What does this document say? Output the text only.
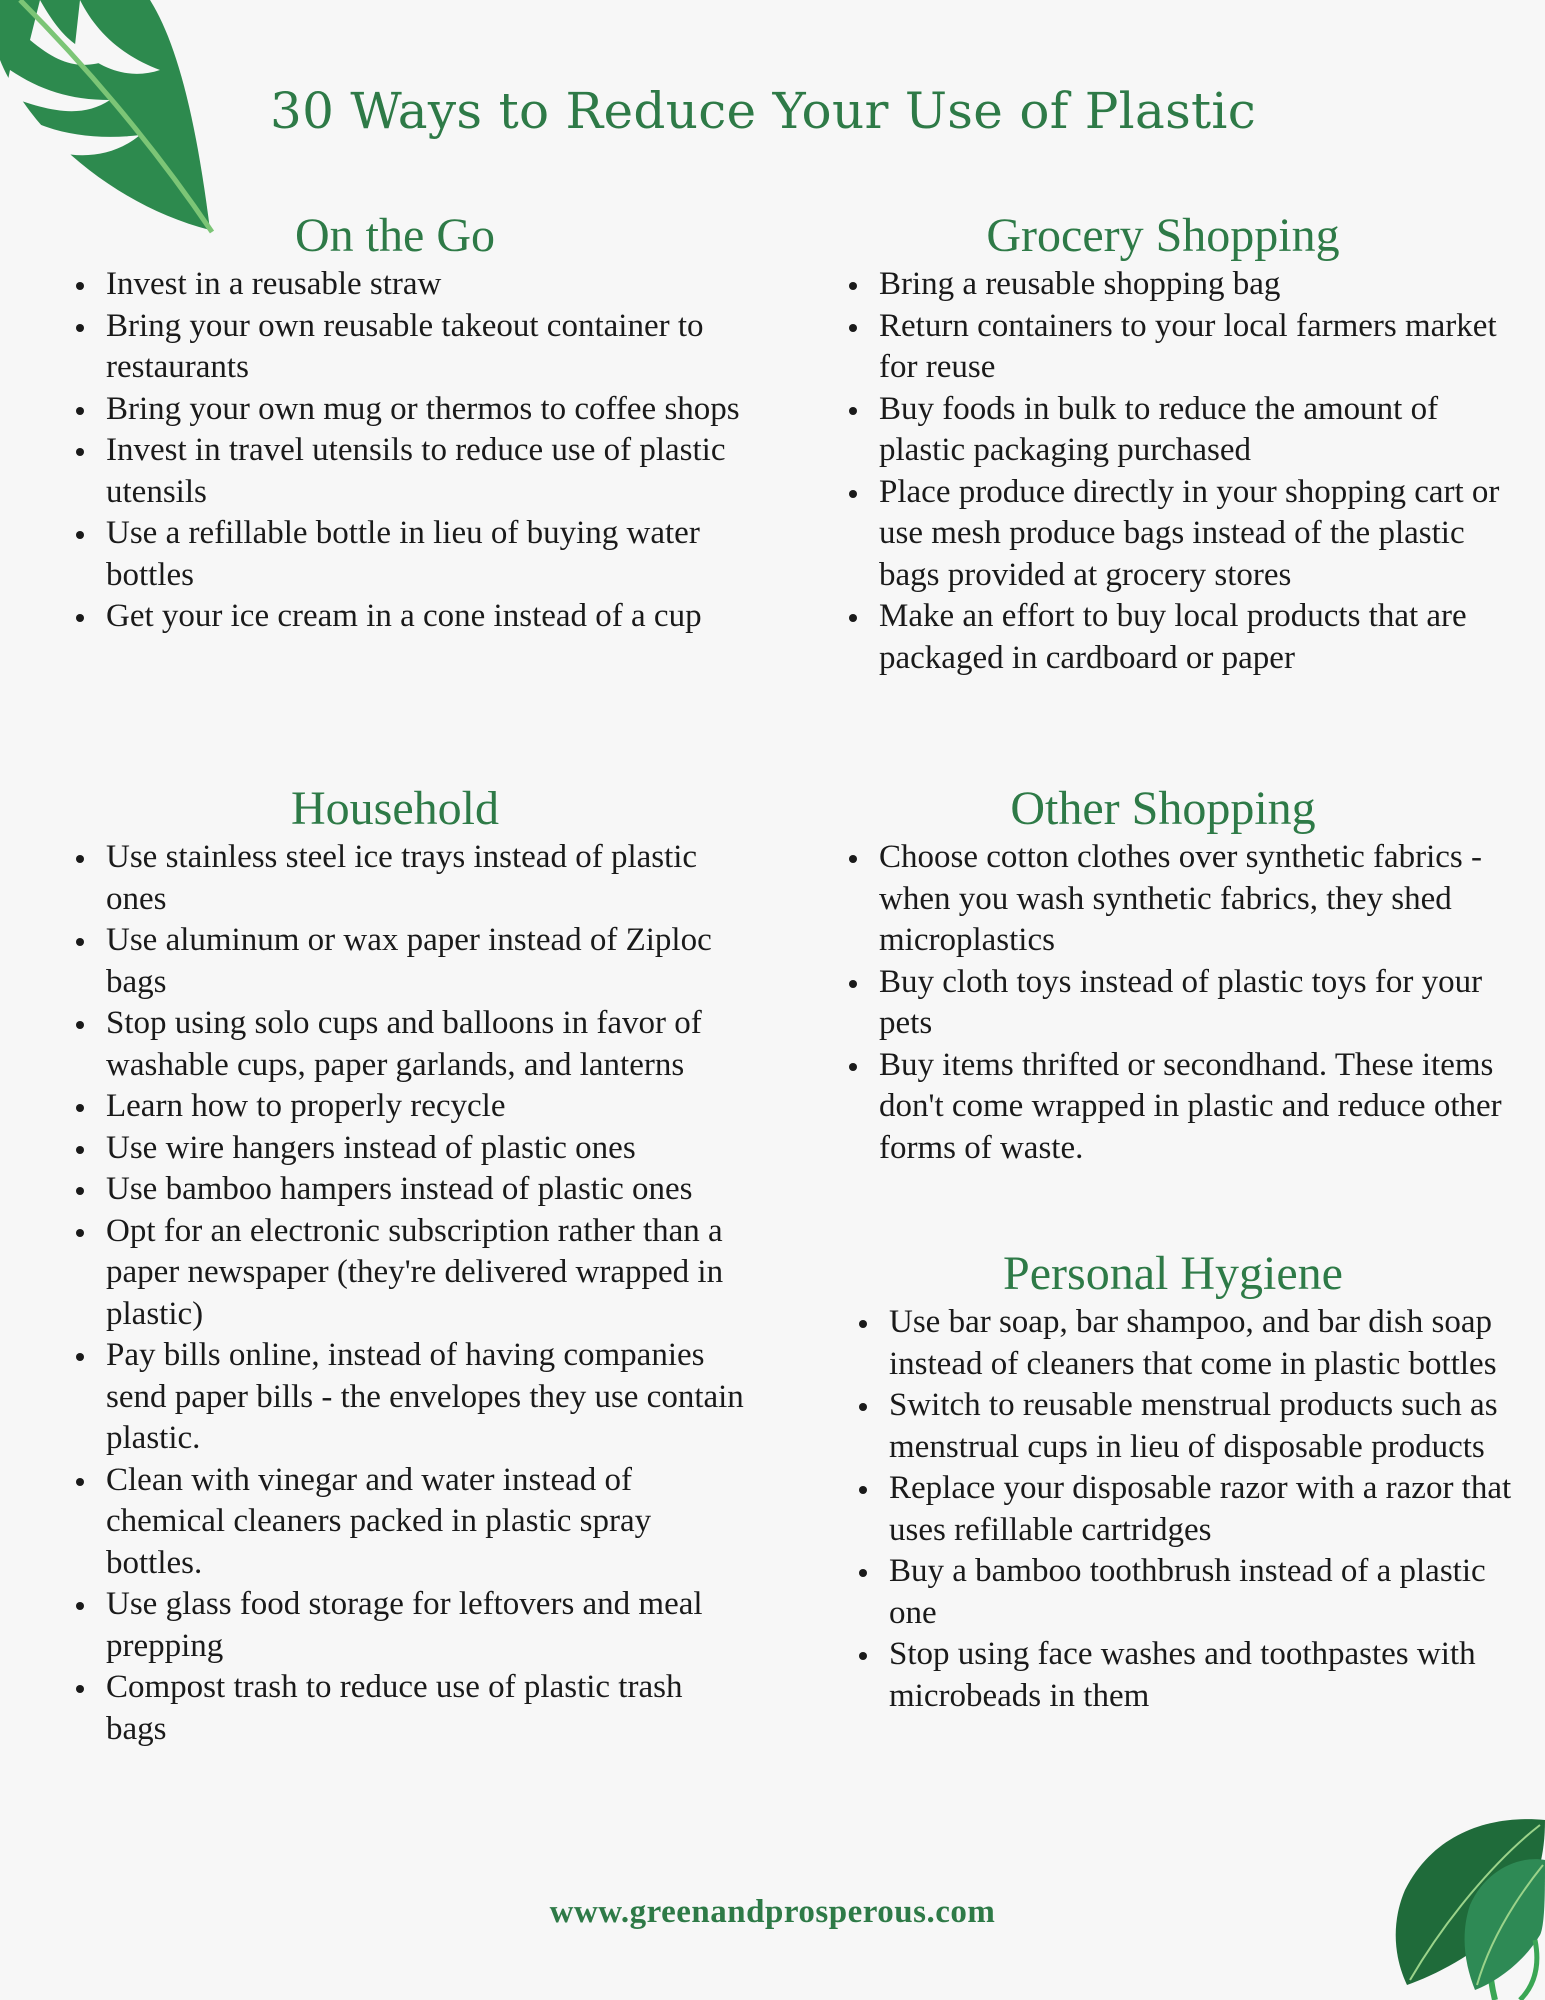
30 Ways to Reduce Your Use of Plastic
On the Go
Invest in a reusable straw
Bring your own reusable takeout container to restaurants
Bring your own mug or thermos to coffee shops
Invest in travel utensils to reduce use of plastic utensils
Use a refillable bottle in lieu of buying water bottles
Get your ice cream in a cone instead of a cup
Grocery Shopping
Bring a reusable shopping bag
Return containers to your local farmers market for reuse
Buy foods in bulk to reduce the amount of plastic packaging purchased
Place produce directly in your shopping cart or use mesh produce bags instead of the plastic bags provided at grocery stores
Make an effort to buy local products that are packaged in cardboard or paper
Household
Use stainless steel ice trays instead of plastic ones
Use aluminum or wax paper instead of Ziploc bags
Stop using solo cups and balloons in favor of washable cups, paper garlands, and lanterns
Learn how to properly recycle
Use wire hangers instead of plastic ones
Use bamboo hampers instead of plastic ones
Opt for an electronic subscription rather than a paper newspaper (they're delivered wrapped in plastic)
Pay bills online, instead of having companies send paper bills - the envelopes they use contain plastic.
Clean with vinegar and water instead of chemical cleaners packed in plastic spray bottles.
Use glass food storage for leftovers and meal prepping
Compost trash to reduce use of plastic trash bags
Other Shopping
Choose cotton clothes over synthetic fabrics - when you wash synthetic fabrics, they shed microplastics
Buy cloth toys instead of plastic toys for your pets
Buy items thrifted or secondhand. These items don't come wrapped in plastic and reduce other forms of waste.
Personal Hygiene
Use bar soap, bar shampoo, and bar dish soap instead of cleaners that come in plastic bottles
Switch to reusable menstrual products such as menstrual cups in lieu of disposable products
Replace your disposable razor with a razor that uses refillable cartridges
Buy a bamboo toothbrush instead of a plastic one
Stop using face washes and toothpastes with microbeads in them
www.greenandprosperous.com
